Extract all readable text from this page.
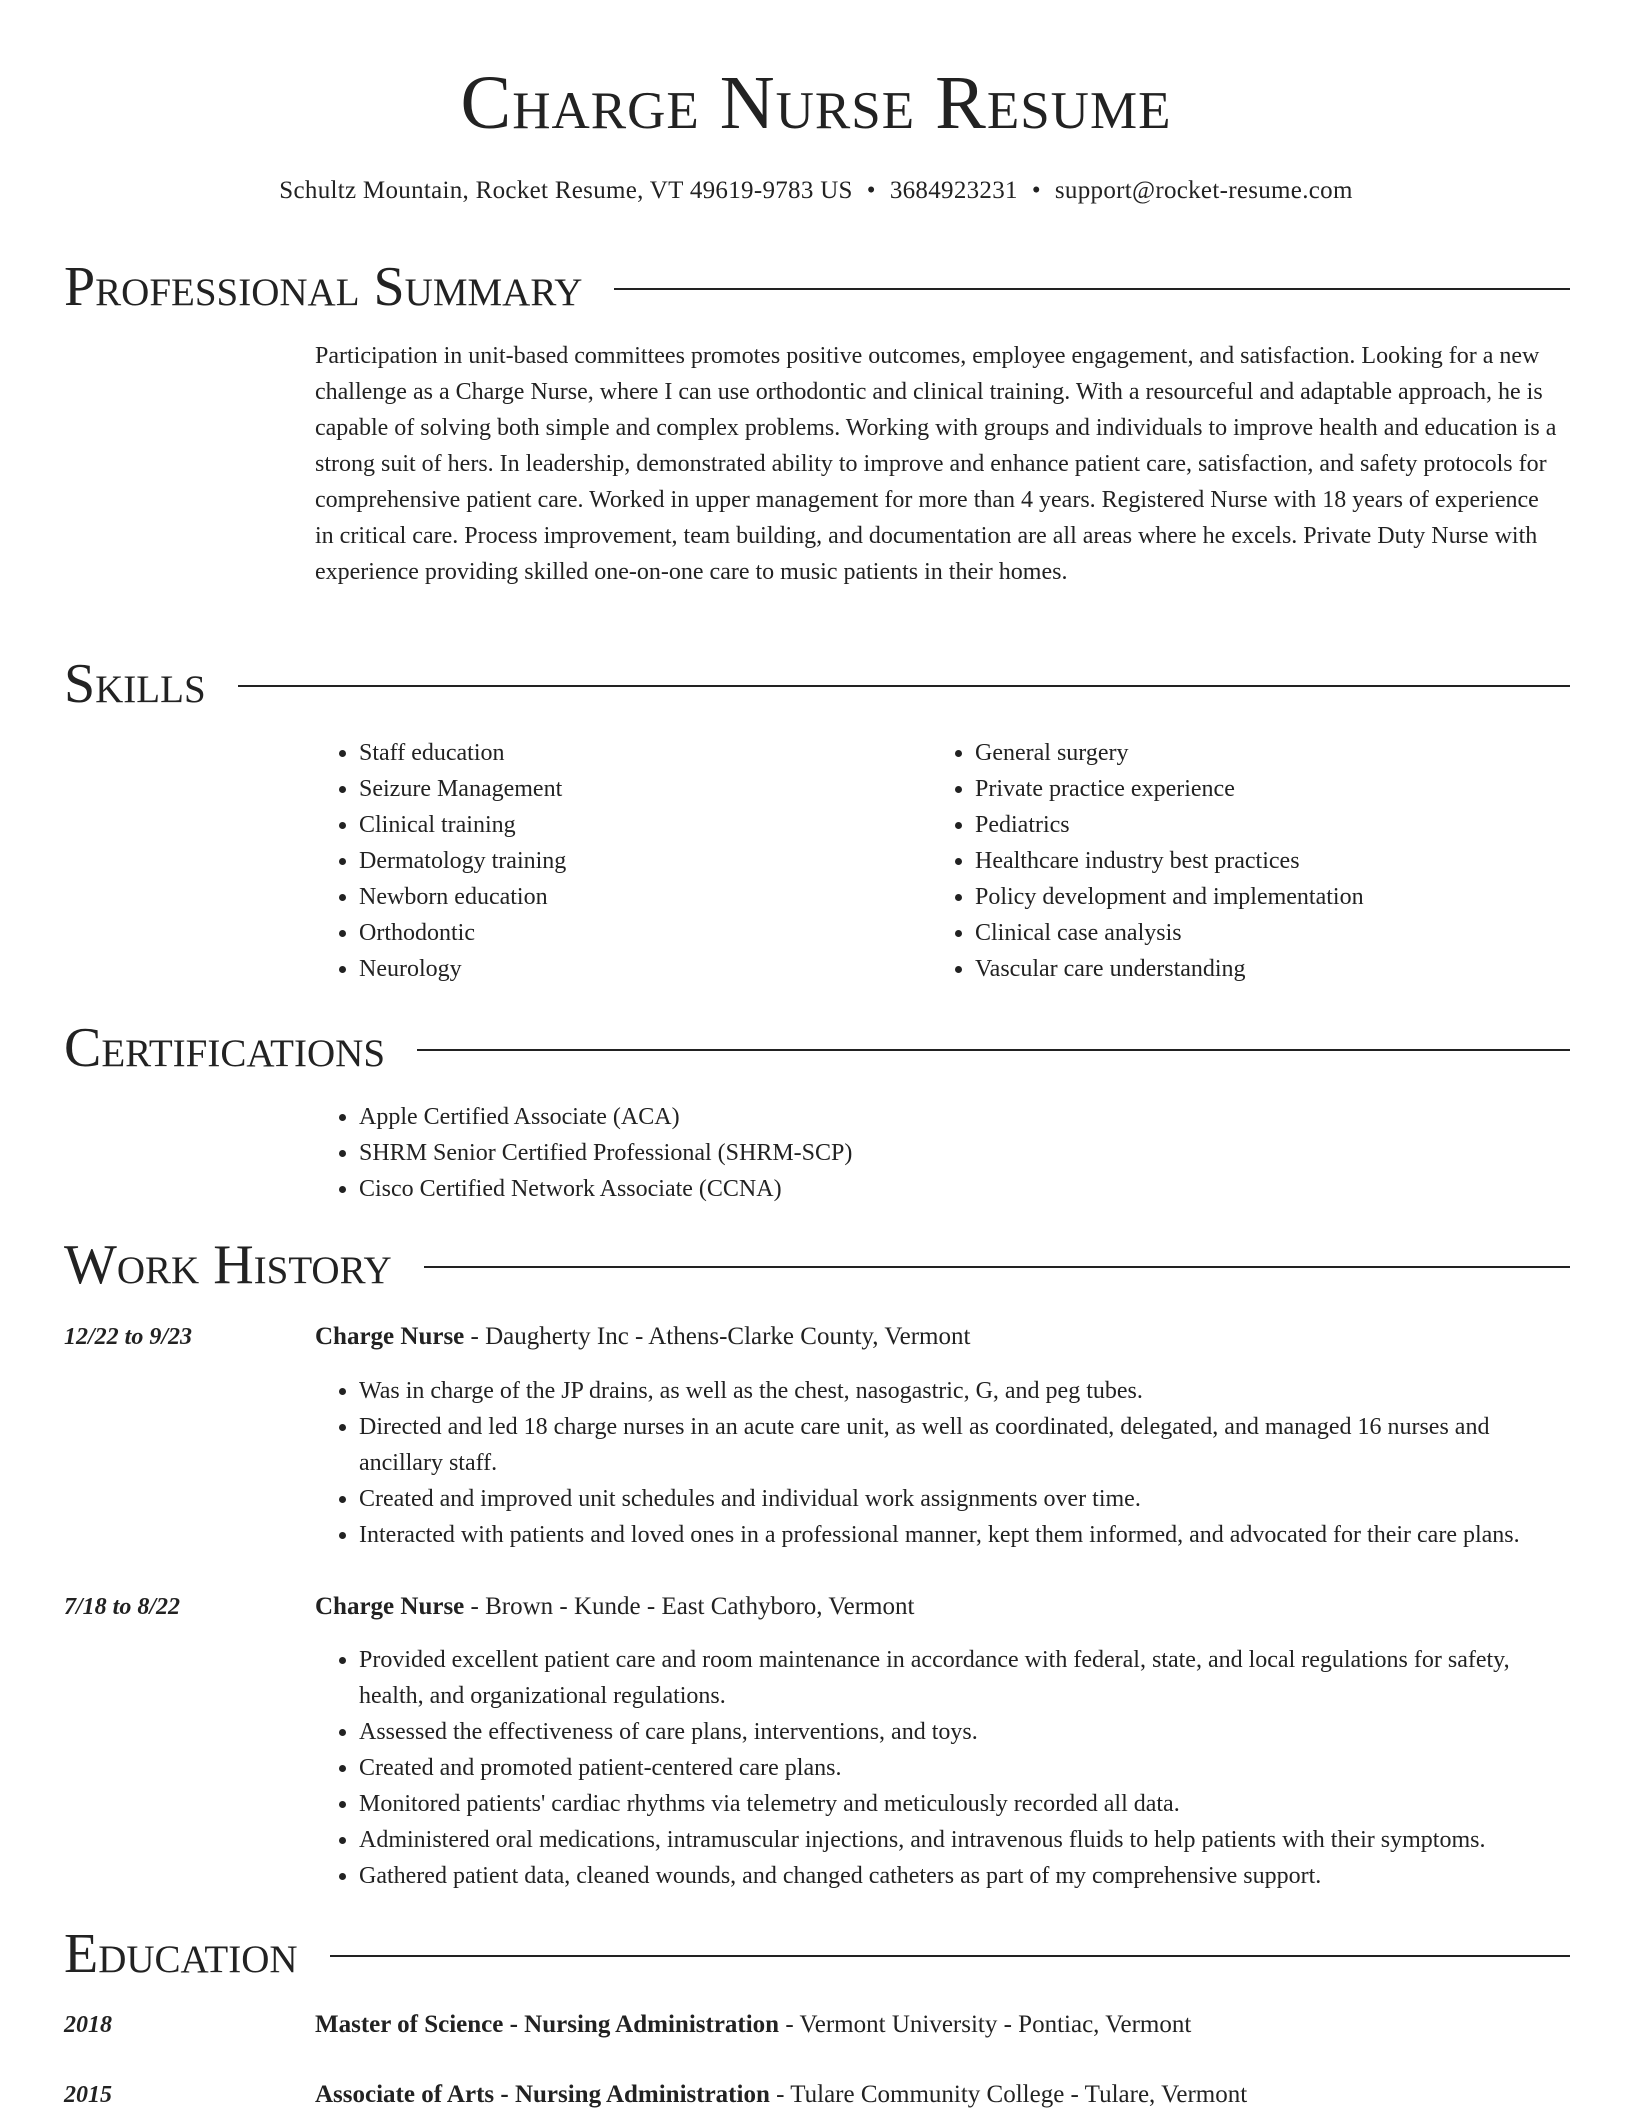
Charge Nurse Resume
Schultz Mountain, Rocket Resume, VT 49619-9783 US • 3684923231 • support@rocket-resume.com
Professional Summary

Participation in unit-based committees promotes positive outcomes, employee engagement, and satisfaction. Looking for a new challenge as a Charge Nurse, where I can use orthodontic and clinical training. With a resourceful and adaptable approach, he is capable of solving both simple and complex problems. Working with groups and individuals to improve health and education is a strong suit of hers. In leadership, demonstrated ability to improve and enhance patient care, satisfaction, and safety protocols for comprehensive patient care. Worked in upper management for more than 4 years. Registered Nurse with 18 years of experience in critical care. Process improvement, team building, and documentation are all areas where he excels. Private Duty Nurse with experience providing skilled one-on-one care to music patients in their homes.

Skills
• Staff education
• Seizure Management
• Clinical training
• Dermatology training
• Newborn education
• Orthodontic
• Neurology
• General surgery
• Private practice experience
• Pediatrics
• Healthcare industry best practices
• Policy development and implementation
• Clinical case analysis
• Vascular care understanding
Certifications
• Apple Certified Associate (ACA)
• SHRM Senior Certified Professional (SHRM-SCP)
• Cisco Certified Network Associate (CCNA)
Work History
12/22 to 9/23	Charge Nurse - Daugherty Inc - Athens-Clarke County, Vermont
• Was in charge of the JP drains, as well as the chest, nasogastric, G, and peg tubes.
• Directed and led 18 charge nurses in an acute care unit, as well as coordinated, delegated, and managed 16 nurses and ancillary staff.
• Created and improved unit schedules and individual work assignments over time.
• Interacted with patients and loved ones in a professional manner, kept them informed, and advocated for their care plans.
7/18 to 8/22	Charge Nurse - Brown - Kunde - East Cathyboro, Vermont
• Provided excellent patient care and room maintenance in accordance with federal, state, and local regulations for safety, health, and organizational regulations.
• Assessed the effectiveness of care plans, interventions, and toys.
• Created and promoted patient-centered care plans.
• Monitored patients' cardiac rhythms via telemetry and meticulously recorded all data.
• Administered oral medications, intramuscular injections, and intravenous fluids to help patients with their symptoms.
• Gathered patient data, cleaned wounds, and changed catheters as part of my comprehensive support.
Education
2018	Master of Science - Nursing Administration - Vermont University - Pontiac, Vermont
2015	Associate of Arts - Nursing Administration - Tulare Community College - Tulare, Vermont
